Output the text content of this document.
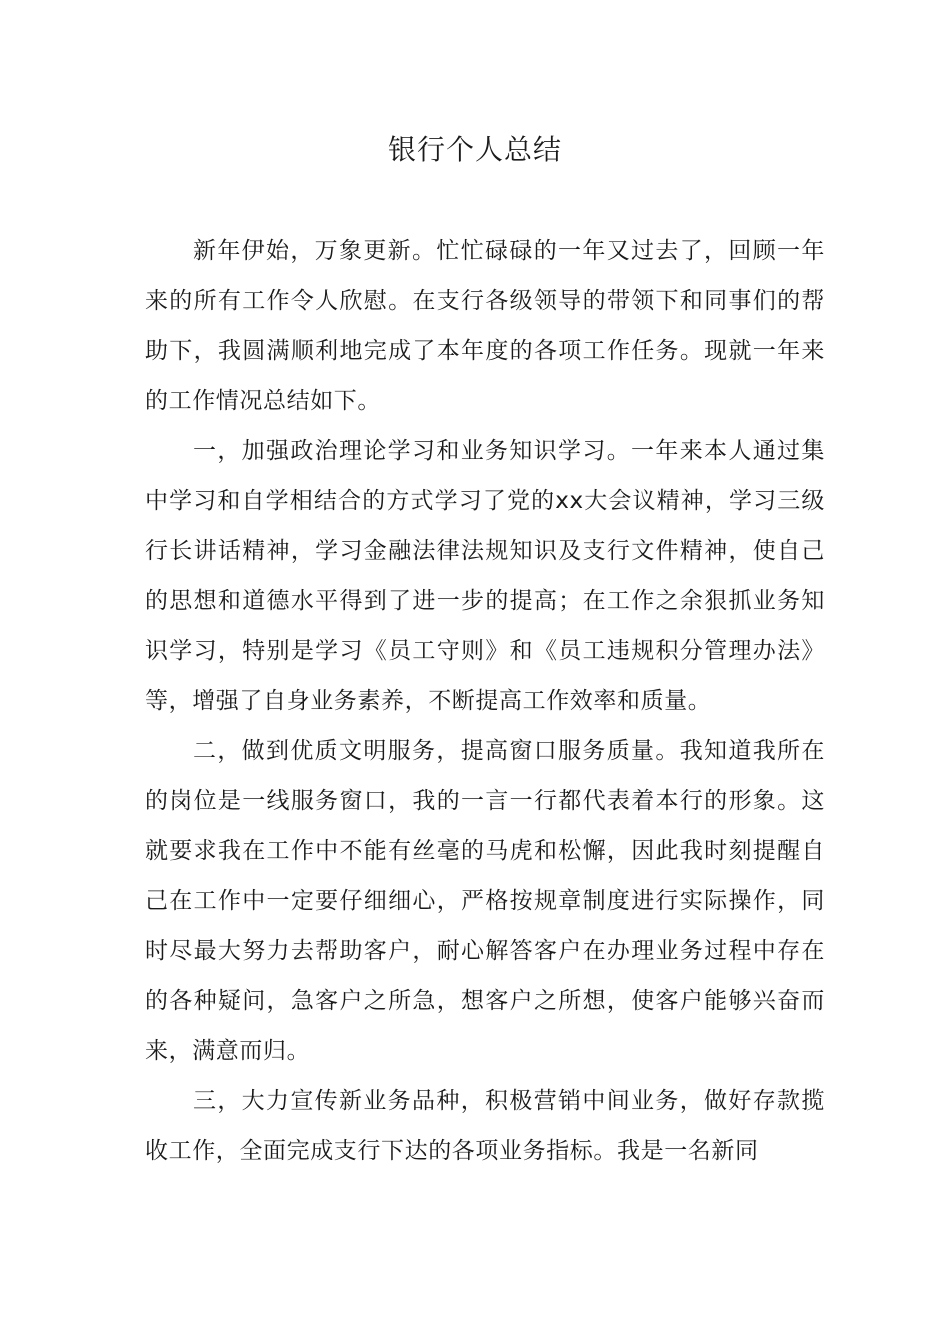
银行个人总结

新年伊始，万象更新。忙忙碌碌的一年又过去了，回顾一年来的所有工作令人欣慰。在支行各级领导的带领下和同事们的帮助下，我圆满顺利地完成了本年度的各项工作任务。现就一年来的工作情况总结如下。

一，加强政治理论学习和业务知识学习。一年来本人通过集中学习和自学相结合的方式学习了党的xx大会议精神，学习三级行长讲话精神，学习金融法律法规知识及支行文件精神，使自己的思想和道德水平得到了进一步的提高；在工作之余狠抓业务知识学习，特别是学习《员工守则》和《员工违规积分管理办法》等，增强了自身业务素养，不断提高工作效率和质量。

二，做到优质文明服务，提高窗口服务质量。我知道我所在的岗位是一线服务窗口，我的一言一行都代表着本行的形象。这就要求我在工作中不能有丝毫的马虎和松懈，因此我时刻提醒自己在工作中一定要仔细细心，严格按规章制度进行实际操作，同时尽最大努力去帮助客户，耐心解答客户在办理业务过程中存在的各种疑问，急客户之所急，想客户之所想，使客户能够兴奋而来，满意而归。

三，大力宣传新业务品种，积极营销中间业务，做好存款揽收工作，全面完成支行下达的各项业务指标。我是一名新同
